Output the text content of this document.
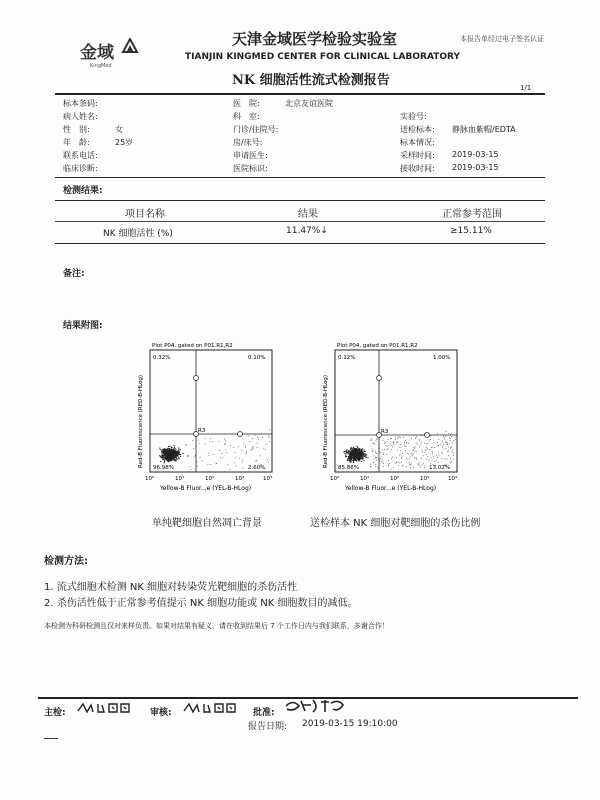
金域
KingMed
天津金域医学检验实验室
TIANJIN KINGMED CENTER FOR CLINICAL LABORATORY
NK 细胞活性流式检测报告
本报告单经过电子签名认证
1/1
标本条码:
病人姓名:
性　别:	女
年　龄:	25岁
联系电话:
临床诊断:
医　院:	北京友谊医院
科　室:
门诊/住院号:
房/床号:
申请医生:
医院标识:
实验号:
送检标本: 静脉血紫帽/EDTA
标本情况:
采样时间: 2019-03-15
接收时间: 2019-03-15
检测结果:
项目名称	结果	正常参考范围
NK 细胞活性 (%)	11.47%↓	≥15.11%
备注:
结果附图:
Plot P04, gated on P01.R1,R2
R3
0.32%	0.10%
96.98%	2.60%
10⁰	10¹	10²	10³	10⁴
Yellow-B Fluor...e (YEL-B-HLog)
Red-B Fluorescence (RED-B-HLog)
Plot P04, gated on P01.R1,R2
R3
0.12%	1.00%
85.86%	13.02%
10⁰	10¹	10²	10³	10⁴
Yellow-B Fluor...e (YEL-B-HLog)
Red-B Fluorescence (RED-B-HLog)
单纯靶细胞自然凋亡背景	送检样本 NK 细胞对靶细胞的杀伤比例
检测方法:
1. 流式细胞术检测 NK 细胞对转染荧光靶细胞的杀伤活性
2. 杀伤活性低于正常参考值提示 NK 细胞功能或 NK 细胞数目的减低。
本检测为科研检测且仅对来样负责。如果对结果有疑义，请在收到结果后 7 个工作日内与我们联系，多谢合作！
主检:	审核:	批准:
报告日期: 2019-03-15 19:10:00
